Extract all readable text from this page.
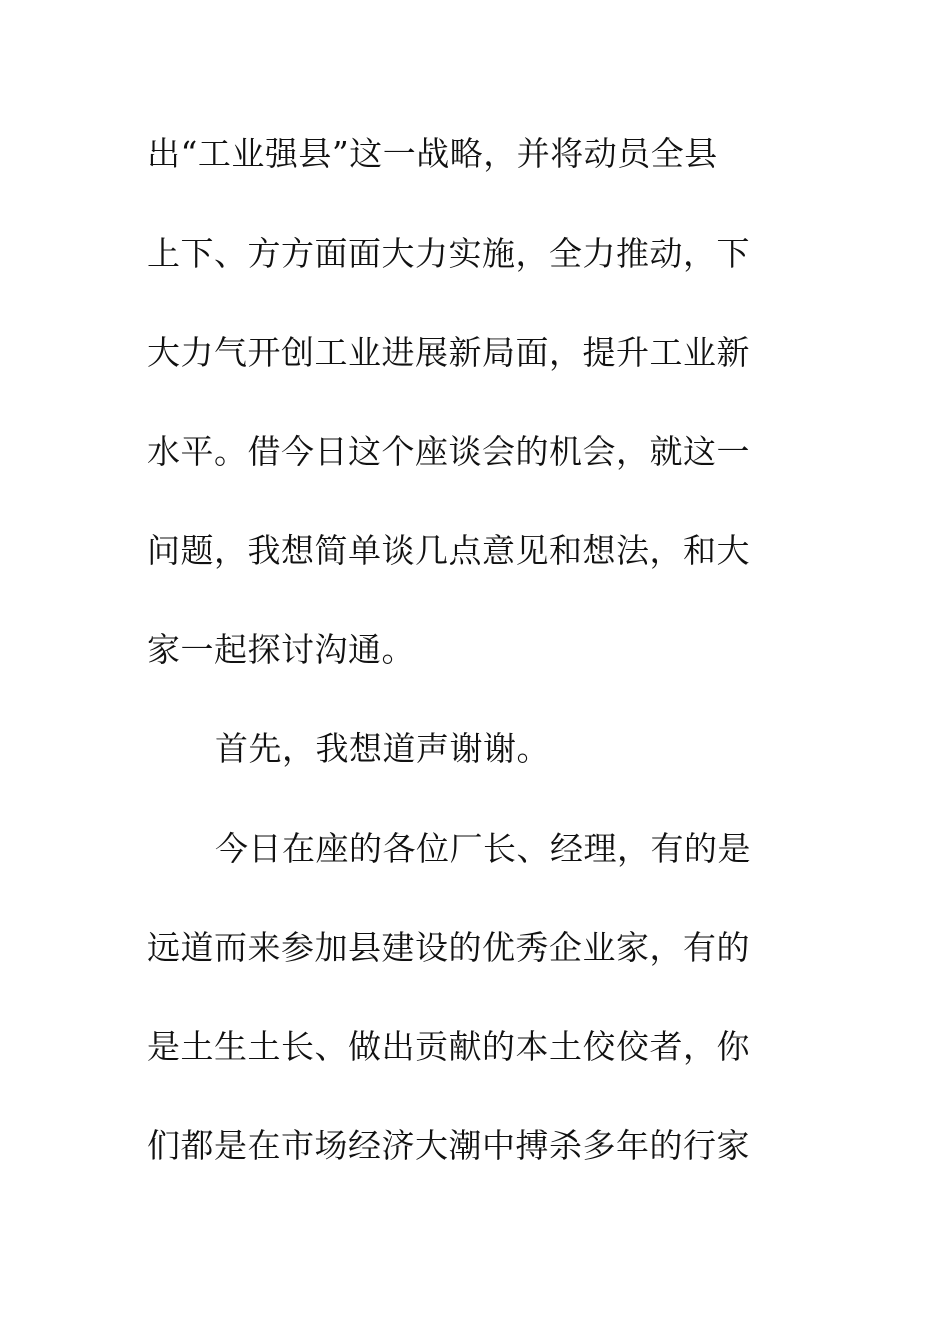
出“工业强县”这一战略，并将动员全县
上下、方方面面大力实施，全力推动，下
大力气开创工业进展新局面，提升工业新
水平。借今日这个座谈会的机会，就这一
问题，我想简单谈几点意见和想法，和大
家一起探讨沟通。
首先，我想道声谢谢。
今日在座的各位厂长、经理，有的是
远道而来参加县建设的优秀企业家，有的
是土生土长、做出贡献的本土佼佼者，你
们都是在市场经济大潮中搏杀多年的行家
